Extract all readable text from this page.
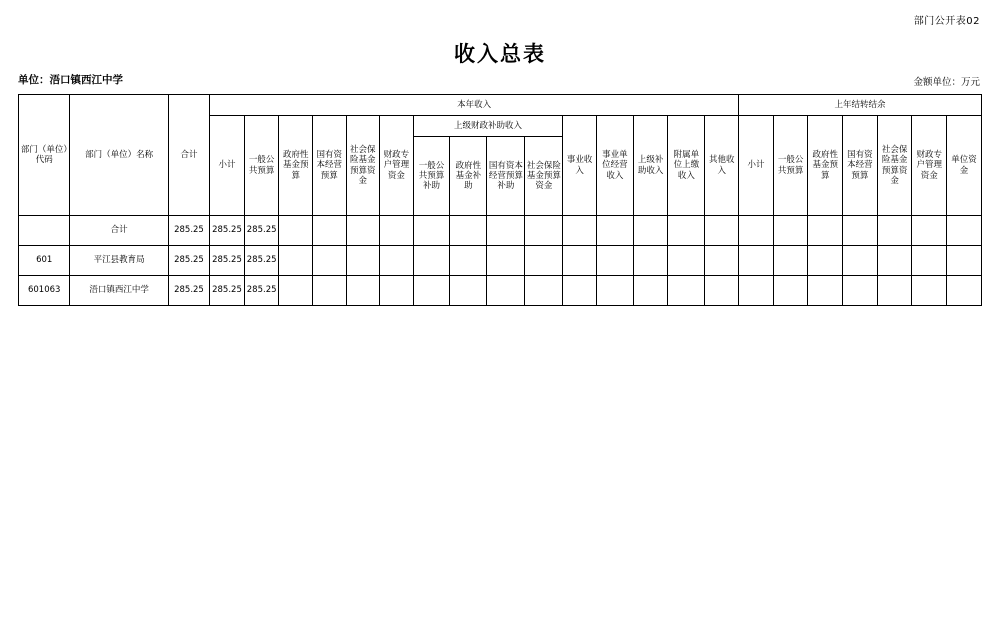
部门公开表02
收入总表
单位：浯口镇西江中学	金额单位：万元
部门（单位）代码	部门（单位）名称	合计	本年收入															上年结转结余						

			小计	一般公共预算	政府性基金预算	国有资本经营预算	社会保险基金预算资金	财政专户管理资金	上级财政补助收入				事业收入	事业单位经营收入	上级补助收入	附属单位上缴收入	其他收入	小计	一般公共预算	政府性基金预算	国有资本经营预算	社会保险基金预算资金	财政专户管理资金	单位资金

									一般公共预算补助	政府性基金补助	国有资本经营预算补助	社会保险基金预算资金												

	合计	285.25	285.25	285.25																				
601	平江县教育局	285.25	285.25	285.25																				
601063	浯口镇西江中学	285.25	285.25	285.25																				
